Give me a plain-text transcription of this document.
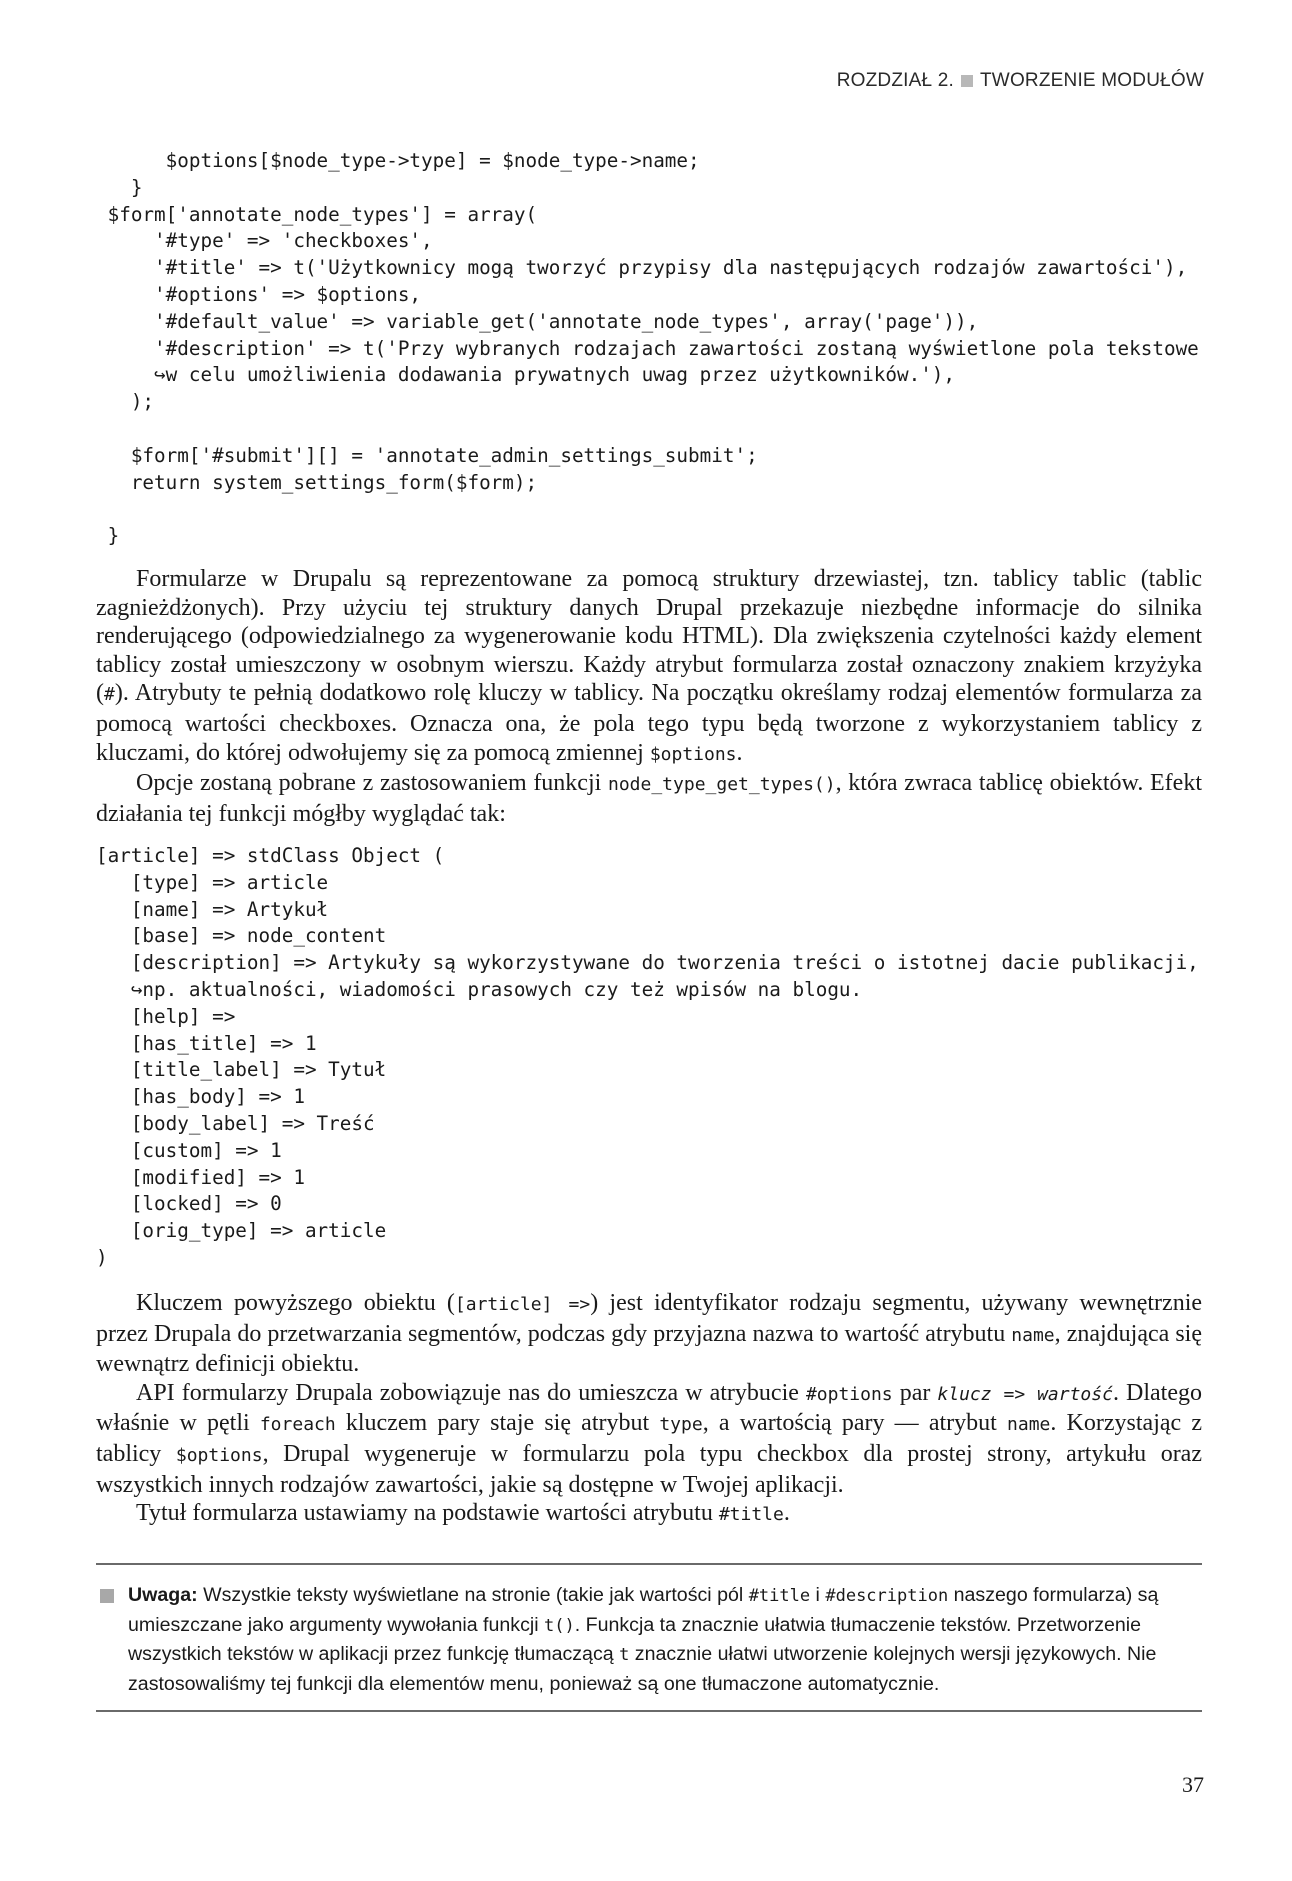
ROZDZIAŁ 2. TWORZENIE MODUŁÓW
$options[$node_type->type] = $node_type->name;
}
$form['annotate_node_types'] = array(
'#type' => 'checkboxes',
'#title' => t('Użytkownicy mogą tworzyć przypisy dla następujących rodzajów zawartości'),
'#options' => $options,
'#default_value' => variable_get('annotate_node_types', array('page')),
'#description' => t('Przy wybranych rodzajach zawartości zostaną wyświetlone pola tekstowe
↪w celu umożliwienia dodawania prywatnych uwag przez użytkowników.'),
);

$form['#submit'][] = 'annotate_admin_settings_submit';
return system_settings_form($form);

}

Formularze w Drupalu są reprezentowane za pomocą struktury drzewiastej, tzn. tablicy tablic (tablic zagnieżdżonych). Przy użyciu tej struktury danych Drupal przekazuje niezbędne informacje do silnika renderującego (odpowiedzialnego za wygenerowanie kodu HTML). Dla zwiększenia czytelności każdy element tablicy został umieszczony w osobnym wierszu. Każdy atrybut formularza został oznaczony znakiem krzyżyka (#). Atrybuty te pełnią dodatkowo rolę kluczy w tablicy. Na początku określamy rodzaj elementów formularza za pomocą wartości checkboxes. Oznacza ona, że pola tego typu będą tworzone z wykorzystaniem tablicy z kluczami, do której odwołujemy się za pomocą zmiennej $options.

Opcje zostaną pobrane z zastosowaniem funkcji node_type_get_types(), która zwraca tablicę obiektów. Efekt działania tej funkcji mógłby wyglądać tak:

[article] => stdClass Object (
[type] => article
[name] => Artykuł
[base] => node_content
[description] => Artykuły są wykorzystywane do tworzenia treści o istotnej dacie publikacji,
↪np. aktualności, wiadomości prasowych czy też wpisów na blogu.
[help] =>
[has_title] => 1
[title_label] => Tytuł
[has_body] => 1
[body_label] => Treść
[custom] => 1
[modified] => 1
[locked] => 0
[orig_type] => article
)

Kluczem powyższego obiektu ([article] =>) jest identyfikator rodzaju segmentu, używany wewnętrznie przez Drupala do przetwarzania segmentów, podczas gdy przyjazna nazwa to wartość atrybutu name, znajdująca się wewnątrz definicji obiektu.

API formularzy Drupala zobowiązuje nas do umieszcza w atrybucie #options par klucz => wartość. Dlatego właśnie w pętli foreach kluczem pary staje się atrybut type, a wartością pary — atrybut name. Korzystając z tablicy $options, Drupal wygeneruje w formularzu pola typu checkbox dla prostej strony, artykułu oraz wszystkich innych rodzajów zawartości, jakie są dostępne w Twojej aplikacji.

Tytuł formularza ustawiamy na podstawie wartości atrybutu #title.

Uwaga: Wszystkie teksty wyświetlane na stronie (takie jak wartości pól #title i #description naszego formularza) są umieszczane jako argumenty wywołania funkcji t(). Funkcja ta znacznie ułatwia tłumaczenie tekstów. Przetworzenie wszystkich tekstów w aplikacji przez funkcję tłumaczącą t znacznie ułatwi utworzenie kolejnych wersji językowych. Nie zastosowaliśmy tej funkcji dla elementów menu, ponieważ są one tłumaczone automatycznie.
37
